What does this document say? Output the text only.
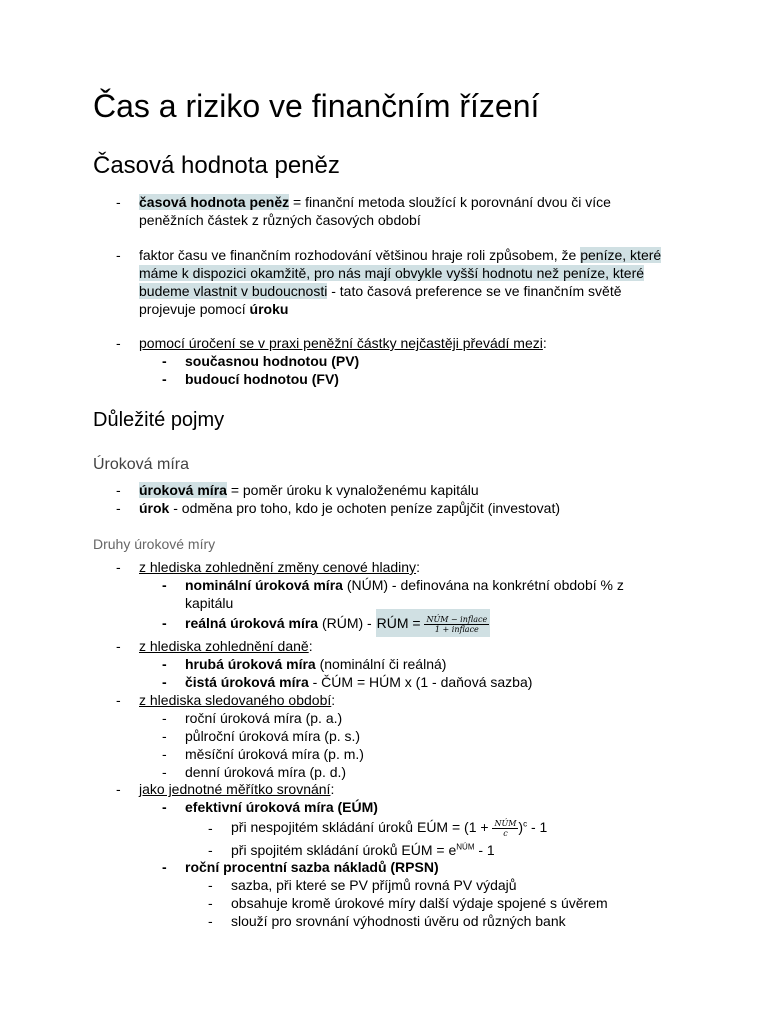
Čas a riziko ve finančním řízení
Časová hodnota peněz
- časová hodnota peněz = finanční metoda sloužící k porovnání dvou či více
peněžních částek z různých časových období
- faktor času ve finančním rozhodování většinou hraje roli způsobem, že peníze, které
máme k dispozici okamžitě, pro nás mají obvykle vyšší hodnotu než peníze, které
budeme vlastnit v budoucnosti - tato časová preference se ve finančním světě
projevuje pomocí úroku
- pomocí úročení se v praxi peněžní částky nejčastěji převádí mezi:
- současnou hodnotou (PV)
- budoucí hodnotou (FV)
Důležité pojmy
Úroková míra
- úroková míra = poměr úroku k vynaloženému kapitálu
- úrok - odměna pro toho, kdo je ochoten peníze zapůjčit (investovat)
Druhy úrokové míry
- z hlediska zohlednění změny cenové hladiny:
- nominální úroková míra (NÚM) - definována na konkrétní období % z
kapitálu
- reálná úroková míra (RÚM) - RÚM = $\frac{\text{NÚM − inflace}}{\text{1 + inflace}}$
- z hlediska zohlednění daně:
- hrubá úroková míra (nominální či reálná)
- čistá úroková míra - ČÚM = HÚM x (1 - daňová sazba)
- z hlediska sledovaného období:
- roční úroková míra (p. a.)
- půlroční úroková míra (p. s.)
- měsíční úroková míra (p. m.)
- denní úroková míra (p. d.)
- jako jednotné měřítko srovnání:
- efektivní úroková míra (EÚM)
- při nespojitém skládání úroků EÚM = $(1 + \frac{\text{NÚM}}{c} )^c - 1$
- při spojitém skládání úroků EÚM = $e^{NÚM} - 1$
- roční procentní sazba nákladů (RPSN)
- sazba, při které se PV příjmů rovná PV výdajů
- obsahuje kromě úrokové míry další výdaje spojené s úvěrem
- slouží pro srovnání výhodnosti úvěru od různých bank
